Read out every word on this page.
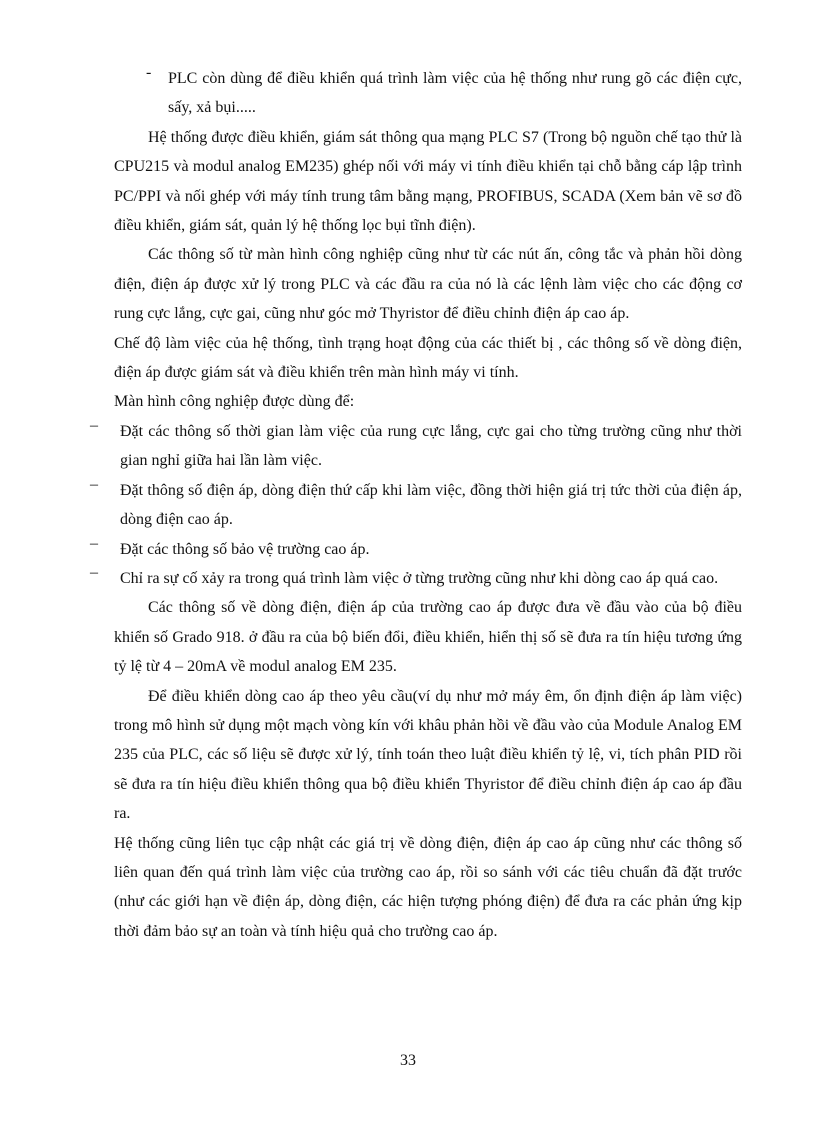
- PLC còn dùng để điều khiển quá trình làm việc của hệ thống như rung gõ các điện cực, sấy, xả bụi.....

Hệ thống được điều khiển, giám sát thông qua mạng PLC S7 (Trong bộ nguồn chế tạo thử là CPU215 và modul analog EM235) ghép nối với máy vi tính điều khiển tại chỗ bằng cáp lập trình PC/PPI và nối ghép với máy tính trung tâm bằng mạng, PROFIBUS, SCADA (Xem bản vẽ sơ đồ điều khiển, giám sát, quản lý hệ thống lọc bụi tĩnh điện).

Các thông số từ màn hình công nghiệp cũng như từ các nút ấn, công tắc và phản hồi dòng điện, điện áp được xử lý trong PLC và các đầu ra của nó là các lệnh làm việc cho các động cơ rung cực lắng, cực gai, cũng như góc mở Thyristor để điều chỉnh điện áp cao áp.

Chế độ làm việc của hệ thống, tình trạng hoạt động của các thiết bị , các thông số về dòng điện, điện áp được giám sát và điều khiển trên màn hình máy vi tính.

Màn hình công nghiệp được dùng để:

– Đặt các thông số thời gian làm việc của rung cực lắng, cực gai cho từng trường cũng như thời gian nghỉ giữa hai lần làm việc.
– Đặt thông số điện áp, dòng điện thứ cấp khi làm việc, đồng thời hiện giá trị tức thời của điện áp, dòng điện cao áp.
– Đặt các thông số bảo vệ trường cao áp.
– Chỉ ra sự cố xảy ra trong quá trình làm việc ở từng trường cũng như khi dòng cao áp quá cao.

Các thông số về dòng điện, điện áp của trường cao áp được đưa về đầu vào của bộ điều khiển số Grado 918. ở đầu ra của bộ biến đổi, điều khiển, hiển thị số sẽ đưa ra tín hiệu tương ứng tỷ lệ từ 4 – 20mA về modul analog EM 235.

Để điều khiển dòng cao áp theo yêu cầu(ví dụ như mở máy êm, ổn định điện áp làm việc) trong mô hình sử dụng một mạch vòng kín với khâu phản hồi về đầu vào của Module Analog EM 235 của PLC, các số liệu sẽ được xử lý, tính toán theo luật điều khiển tỷ lệ, vi, tích phân PID rồi sẽ đưa ra tín hiệu điều khiển thông qua bộ điều khiển Thyristor để điều chỉnh điện áp cao áp đầu ra.

Hệ thống cũng liên tục cập nhật các giá trị về dòng điện, điện áp cao áp cũng như các thông số liên quan đến quá trình làm việc của trường cao áp, rồi so sánh với các tiêu chuẩn đã đặt trước (như các giới hạn về điện áp, dòng điện, các hiện tượng phóng điện) để đưa ra các phản ứng kịp thời đảm bảo sự an toàn và tính hiệu quả cho trường cao áp.

33
